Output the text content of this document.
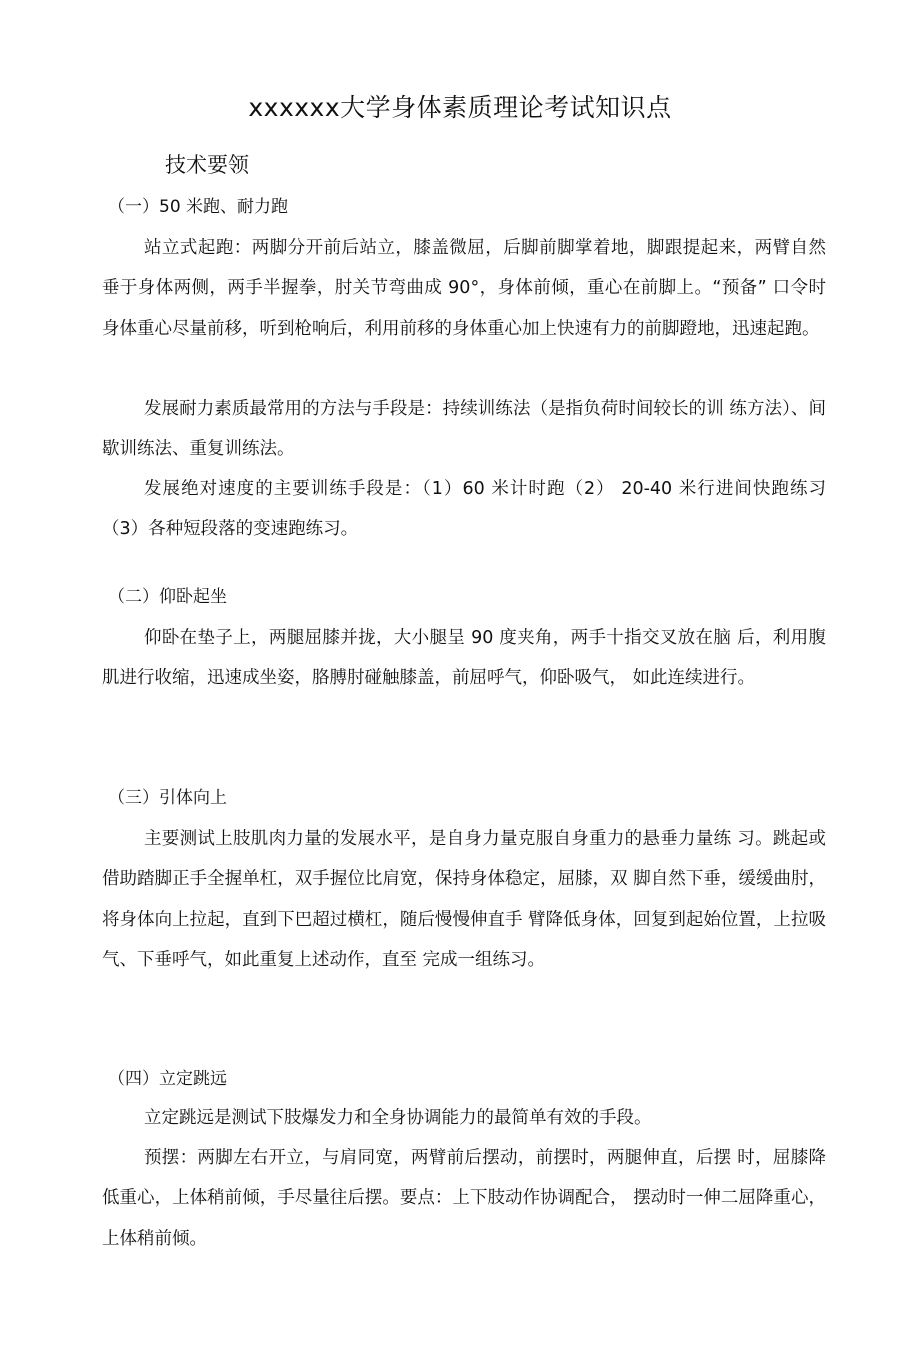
xxxxxx大学身体素质理论考试知识点
技术要领
（一）50 米跑、耐力跑

站立式起跑：两脚分开前后站立，膝盖微屈，后脚前脚掌着地，脚跟提起来，两臂自然垂于身体两侧，两手半握拳，肘关节弯曲成 90°，身体前倾，重心在前脚上。“预备” 口令时身体重心尽量前移，听到枪响后，利用前移的身体重心加上快速有力的前脚蹬地，迅速起跑。

发展耐力素质最常用的方法与手段是：持续训练法（是指负荷时间较长的训 练方法）、间歇训练法、重复训练法。

发展绝对速度的主要训练手段是：（1）60 米计时跑（2） 20-40 米行进间快跑练习（3）各种短段落的变速跑练习。

（二）仰卧起坐

仰卧在垫子上，两腿屈膝并拢，大小腿呈 90 度夹角，两手十指交叉放在脑 后，利用腹肌进行收缩，迅速成坐姿，胳膊肘碰触膝盖，前屈呼气，仰卧吸气， 如此连续进行。

（三）引体向上

主要测试上肢肌肉力量的发展水平，是自身力量克服自身重力的悬垂力量练 习。跳起或借助踏脚正手全握单杠，双手握位比肩宽，保持身体稳定，屈膝，双 脚自然下垂，缓缓曲肘，将身体向上拉起，直到下巴超过横杠，随后慢慢伸直手 臂降低身体，回复到起始位置，上拉吸气、下垂呼气，如此重复上述动作，直至 完成一组练习。

（四）立定跳远

立定跳远是测试下肢爆发力和全身协调能力的最简单有效的手段。

预摆：两脚左右开立，与肩同宽，两臂前后摆动，前摆时，两腿伸直，后摆 时，屈膝降低重心，上体稍前倾，手尽量往后摆。要点：上下肢动作协调配合， 摆动时一伸二屈降重心，上体稍前倾。
